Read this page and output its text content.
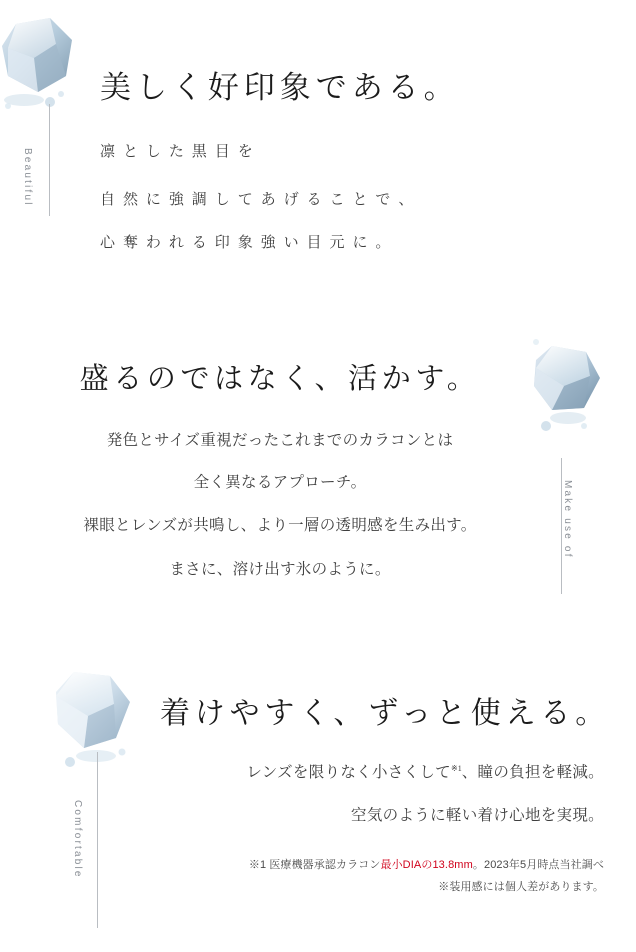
Beautiful
美しく好印象である。
凛 と し た 黒 目 を
自 然 に 強 調 し て あ げ る こ と で 、
心 奪 わ れ る 印 象 強 い 目 元 に 。
Make use of
盛るのではなく、活かす。
発色とサイズ重視だったこれまでのカラコンとは
全く異なるアプローチ。
裸眼とレンズが共鳴し、より一層の透明感を生み出す。
まさに、溶け出す氷のように。
Comfortable
着けやすく、ずっと使える。
レンズを限りなく小さくして$^{※1}$、瞳の負担を軽減。
空気のように軽い着け心地を実現。
※1 医療機器承認カラコン最小DIAの13.8mm。2023年5月時点当社調べ
※装用感には個人差があります。
